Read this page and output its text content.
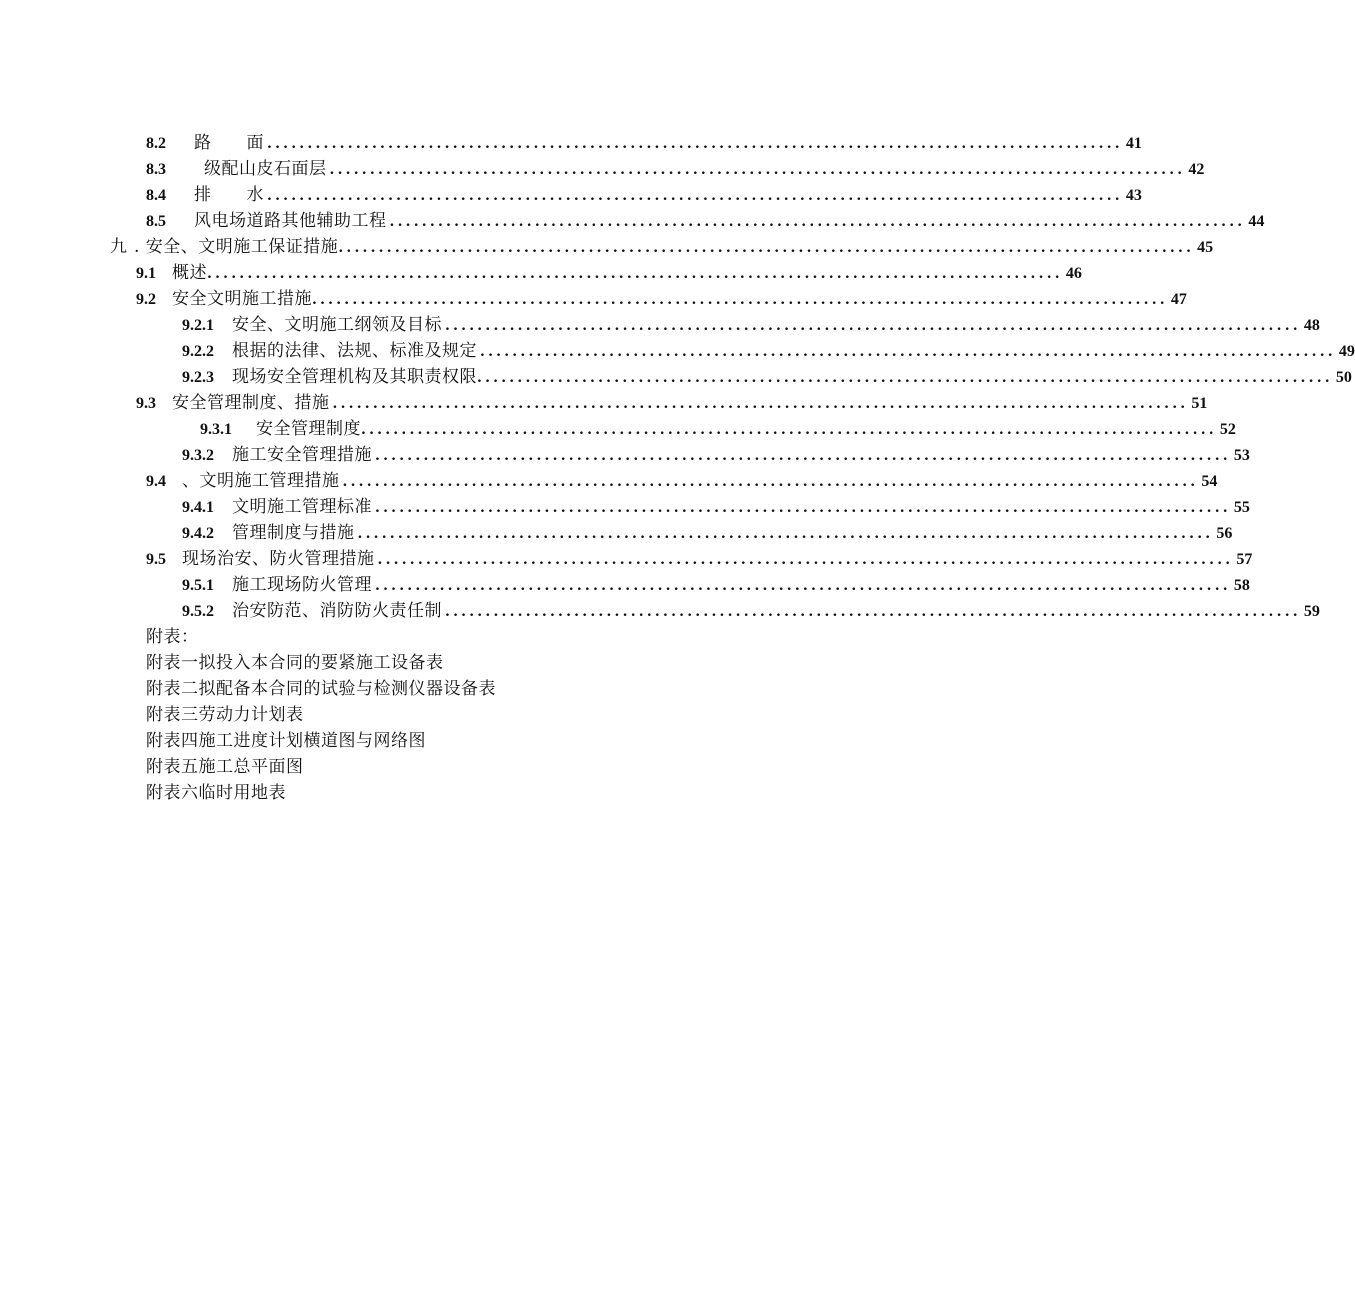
8.2	路　　面 .......................................................................................................... 41
8.3	级配山皮石面层 .......................................................................................................... 42
8.4	排　　水 .......................................................................................................... 43
8.5	风电场道路其他辅助工程 .......................................................................................................... 44
九 . 安全、文明施工保证措施 .......................................................................................................... 45
9.1 概述 .......................................................................................................... 46
9.2 安全文明施工措施 .......................................................................................................... 47
9.2.1	安全、文明施工纲领及目标 .......................................................................................................... 48
9.2.2	根据的法律、法规、标准及规定 .......................................................................................................... 49
9.2.3	现场安全管理机构及其职责权限 .......................................................................................................... 50
9.3 安全管理制度、措施 .......................................................................................................... 51
9.3.1	安全管理制度 .......................................................................................................... 52
9.3.2	施工安全管理措施 .......................................................................................................... 53
9.4 、文明施工管理措施 .......................................................................................................... 54
9.4.1	文明施工管理标准 .......................................................................................................... 55
9.4.2	管理制度与措施 .......................................................................................................... 56
9.5 现场治安、防火管理措施 .......................................................................................................... 57
9.5.1	施工现场防火管理 .......................................................................................................... 58
9.5.2	治安防范、消防防火责任制 .......................................................................................................... 59
附表：
附表一拟投入本合同的要紧施工设备表
附表二拟配备本合同的试验与检测仪器设备表
附表三劳动力计划表
附表四施工进度计划横道图与网络图
附表五施工总平面图
附表六临时用地表
